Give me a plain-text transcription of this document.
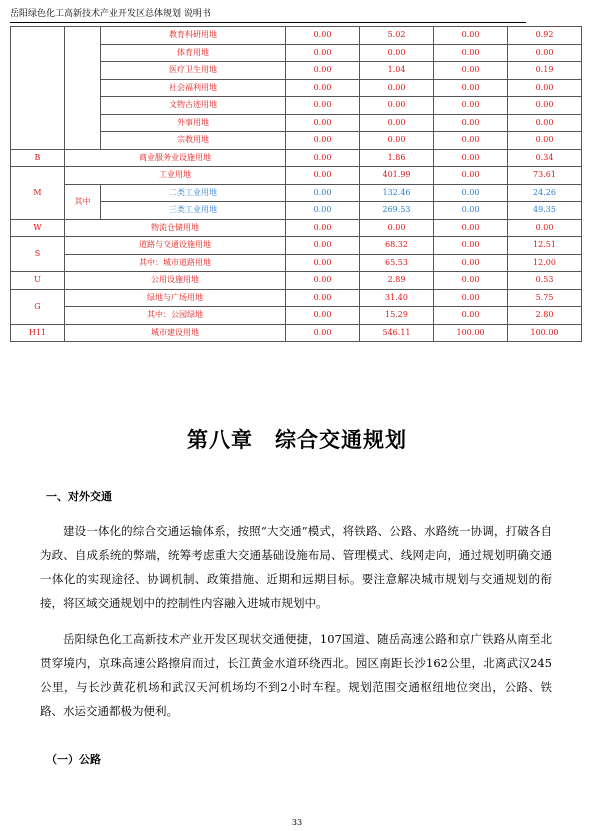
岳阳绿色化工高新技术产业开发区总体规划 说明书
		教育科研用地	0.00	5.02	0.00	0.92
		体育用地	0.00	0.00	0.00	0.00
		医疗卫生用地	0.00	1.04	0.00	0.19
		社会福利用地	0.00	0.00	0.00	0.00
		文物古迹用地	0.00	0.00	0.00	0.00
		外事用地	0.00	0.00	0.00	0.00
		宗教用地	0.00	0.00	0.00	0.00
B	商业服务业设施用地		0.00	1.86	0.00	0.34
M	工业用地		0.00	401.99	0.00	73.61
	其中	二类工业用地	0.00	132.46	0.00	24.26
		三类工业用地	0.00	269.53	0.00	49.35
W	物流仓储用地		0.00	0.00	0.00	0.00
S	道路与交通设施用地		0.00	68.32	0.00	12.51
	其中：城市道路用地		0.00	65.53	0.00	12.00
U	公用设施用地		0.00	2.89	0.00	0.53
G	绿地与广场用地		0.00	31.40	0.00	5.75
	其中：公园绿地		0.00	15.29	0.00	2.80
H11	城市建设用地		0.00	546.11	100.00	100.00
第八章　综合交通规划
一、对外交通

建设一体化的综合交通运输体系，按照“大交通”模式，将铁路、公路、水路统一协调，打破各自为政、自成系统的弊端，统筹考虑重大交通基础设施布局、管理模式、线网走向，通过规划明确交通一体化的实现途径、协调机制、政策措施、近期和远期目标。要注意解决城市规划与交通规划的衔接，将区域交通规划中的控制性内容融入进城市规划中。

岳阳绿色化工高新技术产业开发区现状交通便捷，107国道、随岳高速公路和京广铁路从南至北贯穿境内，京珠高速公路擦肩而过，长江黄金水道环绕西北。园区南距长沙162公里，北离武汉245公里，与长沙黄花机场和武汉天河机场均不到2小时车程。规划范围交通枢纽地位突出，公路、铁路、水运交通都极为便利。

（一）公路
33
